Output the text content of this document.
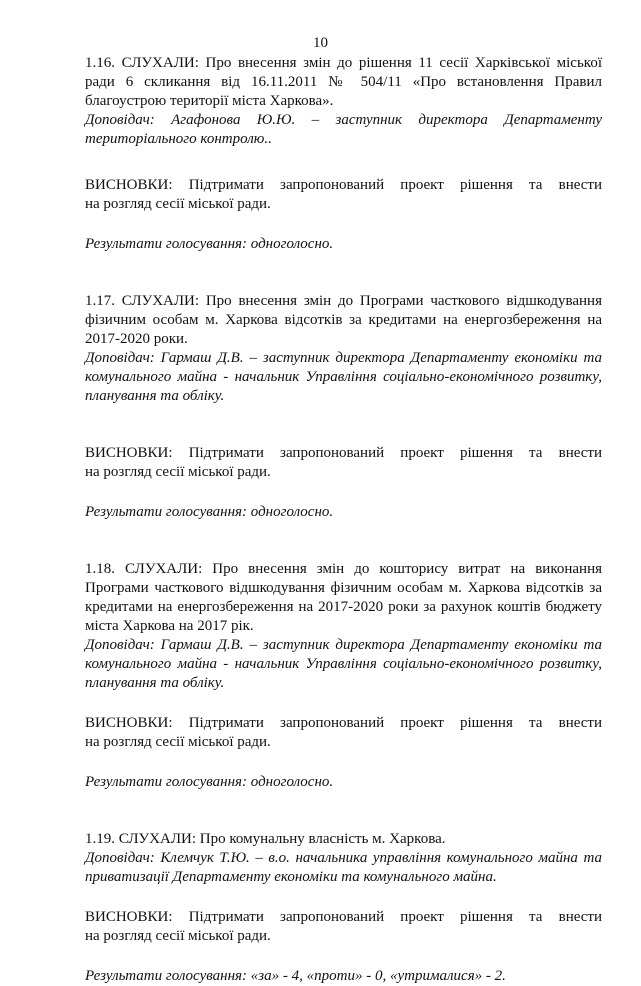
10
1.16. СЛУХАЛИ: Про внесення змін до рішення 11 сесії Харківської міської
ради 6 скликання від 16.11.2011 № 504/11 «Про встановлення Правил
благоустрою території міста Харкова».
Доповідач: Агафонова Ю.Ю. – заступник директора Департаменту
територіального контролю..
ВИСНОВКИ: Підтримати запропонований проект рішення та внести
на розгляд сесії міської ради.
Результати голосування: одноголосно.
1.17. СЛУХАЛИ: Про внесення змін до Програми часткового відшкодування
фізичним особам м. Харкова відсотків за кредитами на енергозбереження на
2017-2020 роки.
Доповідач: Гармаш Д.В. – заступник директора Департаменту економіки та
комунального майна - начальник Управління соціально-економічного розвитку,
планування та обліку.
ВИСНОВКИ: Підтримати запропонований проект рішення та внести
на розгляд сесії міської ради.
Результати голосування: одноголосно.
1.18. СЛУХАЛИ: Про внесення змін до кошторису витрат на виконання
Програми часткового відшкодування фізичним особам м. Харкова відсотків за
кредитами на енергозбереження на 2017-2020 роки за рахунок коштів бюджету
міста Харкова на 2017 рік.
Доповідач: Гармаш Д.В. – заступник директора Департаменту економіки та
комунального майна - начальник Управління соціально-економічного розвитку,
планування та обліку.
ВИСНОВКИ: Підтримати запропонований проект рішення та внести
на розгляд сесії міської ради.
Результати голосування: одноголосно.
1.19. СЛУХАЛИ: Про комунальну власність м. Харкова.
Доповідач: Клемчук Т.Ю. – в.о. начальника управління комунального майна та
приватизації Департаменту економіки та комунального майна.
ВИСНОВКИ: Підтримати запропонований проект рішення та внести
на розгляд сесії міської ради.
Результати голосування: «за» - 4, «проти» - 0, «утрималися» - 2.
